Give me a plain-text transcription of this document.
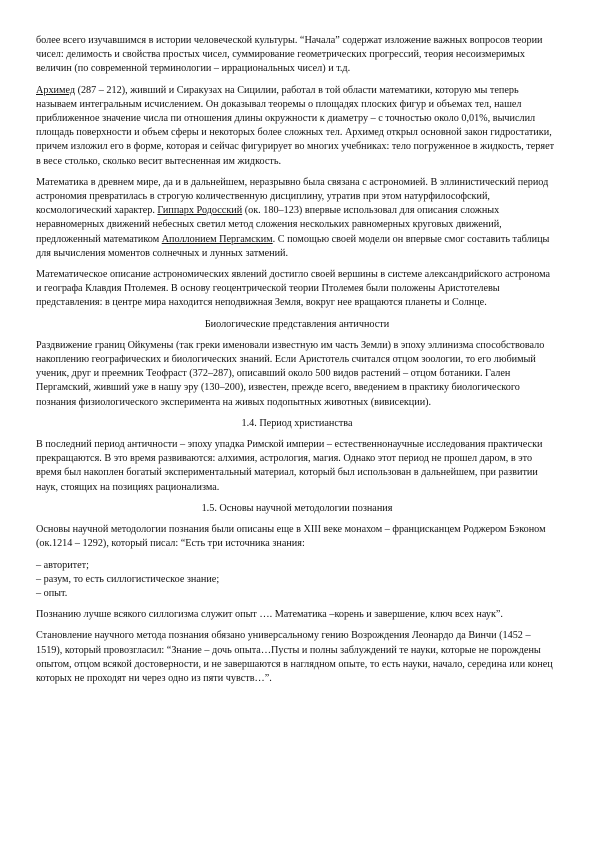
более всего изучавшимся в истории человеческой культуры. “Начала” содержат изложение важных вопросов теории чисел: делимость и свойства простых чисел, суммирование геометрических прогрессий, теория несоизмеримых величин (по современной терминологии – иррациональных чисел) и т.д.

Архимед (287 – 212), живший и Сиракузах на Сицилии, работал в той области математики, которую мы теперь называем интегральным исчислением. Он доказывал теоремы о площадях плоских фигур и объемах тел, нашел приближенное значение числа пи отношения длины окружности к диаметру – с точностью около 0,01%, вычислил площадь поверхности и объем сферы и некоторых более сложных тел. Архимед открыл основной закон гидростатики, причем изложил его в форме, которая и сейчас фигурирует во многих учебниках: тело погруженное в жидкость, теряет в весе столько, сколько весит вытесненная им жидкость.

Математика в древнем мире, да и в дальнейшем, неразрывно была связана с астрономией. В эллинистический период астрономия превратилась в строгую количественную дисциплину, утратив при этом натурфилософский, космологический характер. Гиппарх Родосский (ок. 180–123) впервые использовал для описания сложных неравномерных движений небесных светил метод сложения нескольких равномерных круговых движений, предложенный математиком Аполлонием Пергамским. С помощью своей модели он впервые смог составить таблицы для вычисления моментов солнечных и лунных затмений.

Математическое описание астрономических явлений достигло своей вершины в системе александрийского астронома и географа Клавдия Птолемея. В основу геоцентрической теории Птолемея были положены Аристотелевы представления: в центре мира находится неподвижная Земля, вокруг нее вращаются планеты и Солнце.

Биологические представления античности

Раздвижение границ Ойкумены (так греки именовали известную им часть Земли) в эпоху эллинизма способствовало накоплению географических и биологических знаний. Если Аристотель считался отцом зоологии, то его любимый ученик, друг и преемник Теофраст (372–287), описавший около 500 видов растений – отцом ботаники. Гален Пергамский, живший уже в нашу эру (130–200), известен, прежде всего, введением в практику биологического познания физиологического эксперимента на живых подопытных животных (вивисекции).

1.4. Период христианства

В последний период античности – эпоху упадка Римской империи – естественнонаучные исследования практически прекращаются. В это время развиваются: алхимия, астрология, магия. Однако этот период не прошел даром, в это время был накоплен богатый экспериментальный материал, который был использован в дальнейшем, при развитии наук, стоящих на позициях рационализма.

1.5. Основы научной методологии познания

Основы научной методологии познания были описаны еще в XIII веке монахом – францисканцем Роджером Бэконом (ок.1214 – 1292), который писал: “Есть три источника знания:

– авторитет;
– разум, то есть силлогистическое знание;
– опыт.

Познанию лучше всякого силлогизма служит опыт …. Математика –корень и завершение, ключ всех наук”.

Становление научного метода познания обязано универсальному гению Возрождения Леонардо да Винчи (1452 – 1519), который провозгласил: “Знание – дочь опыта…Пусты и полны заблуждений те науки, которые не порождены опытом, отцом всякой достоверности, и не завершаются в наглядном опыте, то есть науки, начало, середина или конец которых не проходят ни через одно из пяти чувств…”.
